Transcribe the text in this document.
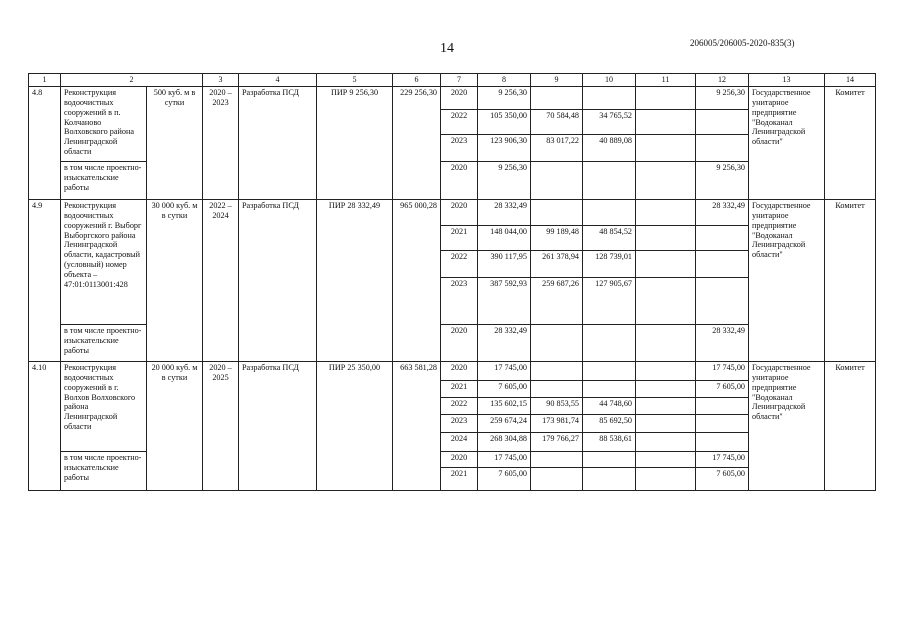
14	206005/206005-2020-835(3)
1	2		3	4	5	6	7	8	9	10	11	12	13	14
4.8	Реконструкция водоочистных сооружений в п. Колчаново Волховского района Ленинградской области	500 куб. м в сутки	2020 – 2023	Разработка ПСД	ПИР 9 256,30	229 256,30	2020	9 256,30				9 256,30	Государственное унитарное предприятие "Водоканал Ленинградской области"	Комитет
							2022	105 350,00	70 584,48	34 765,52				
							2023	123 906,30	83 017,22	40 889,08				
	в том числе проектно-изыскательские работы						2020	9 256,30				9 256,30		
4.9	Реконструкция водоочистных сооружений г. Выборг Выборгского района Ленинградской области, кадастровый (условный) номер объекта – 47:01:0113001:428	30 000 куб. м в сутки	2022 – 2024	Разработка ПСД	ПИР 28 332,49	965 000,28	2020	28 332,49				28 332,49	Государственное унитарное предприятие "Водоканал Ленинградской области"	Комитет
							2021	148 044,00	99 189,48	48 854,52				
							2022	390 117,95	261 378,94	128 739,01				
							2023	387 592,93	259 687,26	127 905,67				
	в том числе проектно-изыскательские работы						2020	28 332,49				28 332,49		
4.10	Реконструкция водоочистных сооружений в г. Волхов Волховского района Ленинградской области	20 000 куб. м в сутки	2020 – 2025	Разработка ПСД	ПИР 25 350,00	663 581,28	2020	17 745,00				17 745,00	Государственное унитарное предприятие "Водоканал Ленинградской области"	Комитет
							2021	7 605,00				7 605,00		
							2022	135 602,15	90 853,55	44 748,60				
							2023	259 674,24	173 981,74	85 692,50				
							2024	268 304,88	179 766,27	88 538,61				
	в том числе проектно-изыскательские работы						2020	17 745,00				17 745,00		
							2021	7 605,00				7 605,00		
